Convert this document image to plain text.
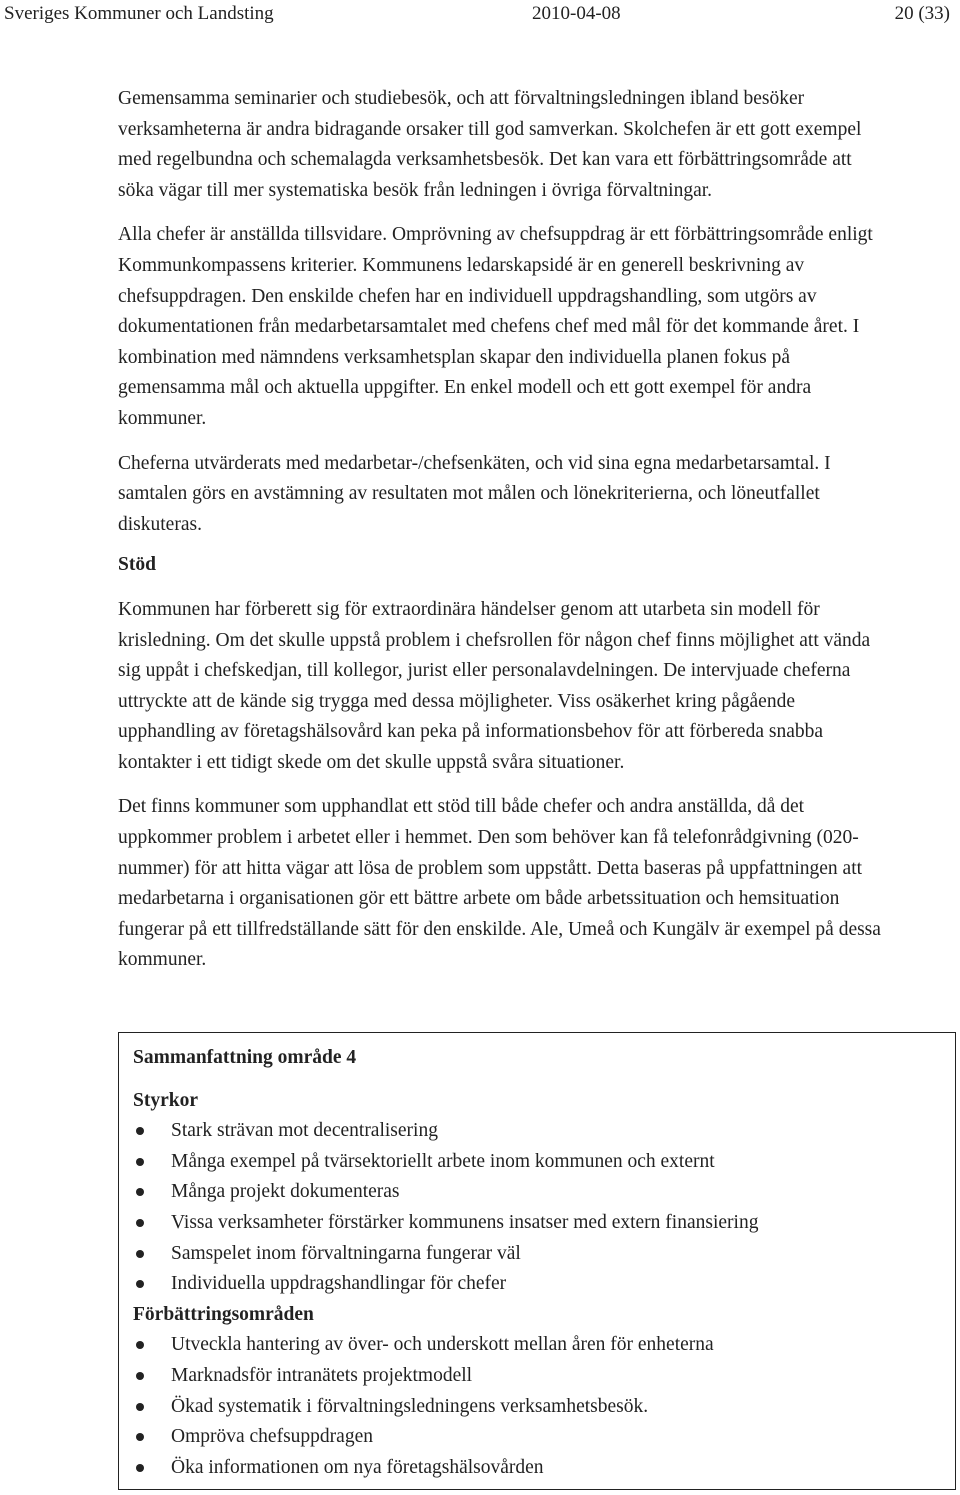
Sveriges Kommuner och Landsting	2010-04-08	20 (33)

Gemensamma seminarier och studiebesök, och att förvaltningsledningen ibland besöker verksamheterna är andra bidragande orsaker till god samverkan. Skolchefen är ett gott exempel med regelbundna och schemalagda verksamhetsbesök. Det kan vara ett förbättringsområde att söka vägar till mer systematiska besök från ledningen i övriga förvaltningar.

Alla chefer är anställda tillsvidare. Omprövning av chefsuppdrag är ett förbättringsområde enligt Kommunkompassens kriterier. Kommunens ledarskapsidé är en generell beskrivning av chefsuppdragen. Den enskilde chefen har en individuell uppdragshandling, som utgörs av dokumentationen från medarbetarsamtalet med chefens chef med mål för det kommande året. I kombination med nämndens verksamhetsplan skapar den individuella planen fokus på gemensamma mål och aktuella uppgifter. En enkel modell och ett gott exempel för andra kommuner.

Cheferna utvärderats med medarbetar-/chefsenkäten, och vid sina egna medarbetarsamtal. I samtalen görs en avstämning av resultaten mot målen och lönekriterierna, och löneutfallet diskuteras.

Stöd

Kommunen har förberett sig för extraordinära händelser genom att utarbeta sin modell för krisledning. Om det skulle uppstå problem i chefsrollen för någon chef finns möjlighet att vända sig uppåt i chefskedjan, till kollegor, jurist eller personalavdelningen. De intervjuade cheferna uttryckte att de kände sig trygga med dessa möjligheter. Viss osäkerhet kring pågående upphandling av företagshälsovård kan peka på informationsbehov för att förbereda snabba kontakter i ett tidigt skede om det skulle uppstå svåra situationer.

Det finns kommuner som upphandlat ett stöd till både chefer och andra anställda, då det uppkommer problem i arbetet eller i hemmet. Den som behöver kan få telefonrådgivning (020-nummer) för att hitta vägar att lösa de problem som uppstått. Detta baseras på uppfattningen att medarbetarna i organisationen gör ett bättre arbete om både arbetssituation och hemsituation fungerar på ett tillfredställande sätt för den enskilde. Ale, Umeå och Kungälv är exempel på dessa kommuner.

Sammanfattning område 4

Styrkor

Stark strävan mot decentralisering
Många exempel på tvärsektoriellt arbete inom kommunen och externt
Många projekt dokumenteras
Vissa verksamheter förstärker kommunens insatser med extern finansiering
Samspelet inom förvaltningarna fungerar väl
Individuella uppdragshandlingar för chefer

Förbättringsområden

Utveckla hantering av över- och underskott mellan åren för enheterna
Marknadsför intranätets projektmodell
Ökad systematik i förvaltningsledningens verksamhetsbesök.
Ompröva chefsuppdragen
Öka informationen om nya företagshälsovården
